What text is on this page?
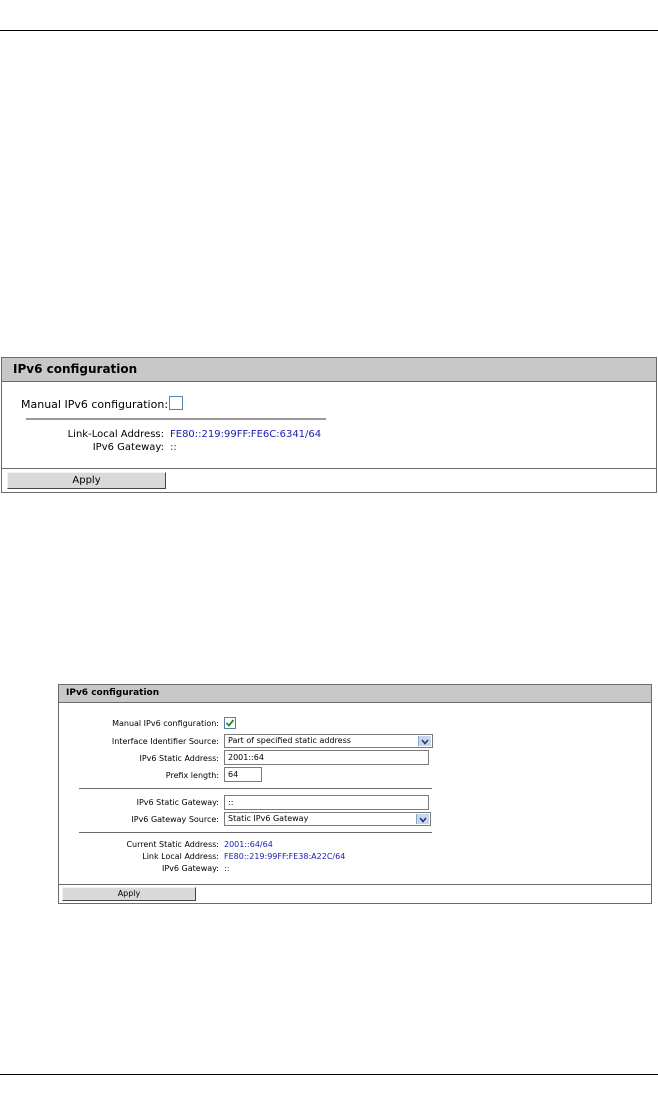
IPv6 configuration
Manual IPv6 configuration:
Link-Local Address: FE80::219:99FF:FE6C:6341/64
IPv6 Gateway: ::
Apply
IPv6 configuration
Manual IPv6 configuration:
Interface Identifier Source:	Part of specified static address
IPv6 Static Address:	2001::64
Prefix length:	64
IPv6 Static Gateway:	::
IPv6 Gateway Source:	Static IPv6 Gateway
Current Static Address: 2001::64/64
Link Local Address: FE80::219:99FF:FE38:A22C/64
IPv6 Gateway: ::
Apply
